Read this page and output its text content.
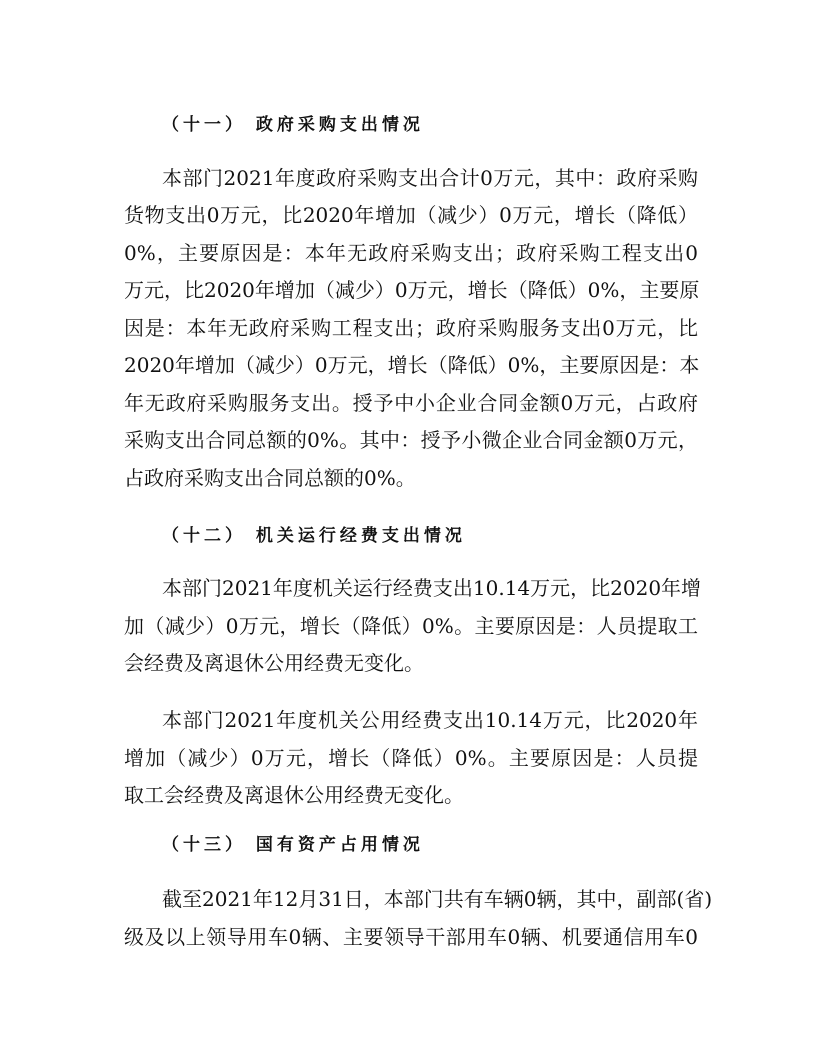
（十一） 政府采购支出情况
本部门2021年度政府采购支出合计0万元，其中：政府采购
货物支出0万元，比2020年增加（减少）0万元，增长（降低）
0%，主要原因是：本年无政府采购支出；政府采购工程支出0
万元，比2020年增加（减少）0万元，增长（降低）0%，主要原
因是：本年无政府采购工程支出；政府采购服务支出0万元，比
2020年增加（减少）0万元，增长（降低）0%，主要原因是：本
年无政府采购服务支出。授予中小企业合同金额0万元，占政府
采购支出合同总额的0%。其中：授予小微企业合同金额0万元，
占政府采购支出合同总额的0%。
（十二） 机关运行经费支出情况
本部门2021年度机关运行经费支出10.14万元，比2020年增
加（减少）0万元，增长（降低）0%。主要原因是：人员提取工
会经费及离退休公用经费无变化。
本部门2021年度机关公用经费支出10.14万元，比2020年
增加（减少）0万元，增长（降低）0%。主要原因是：人员提
取工会经费及离退休公用经费无变化。
（十三） 国有资产占用情况
截至2021年12月31日，本部门共有车辆0辆，其中，副部(省)
级及以上领导用车0辆、主要领导干部用车0辆、机要通信用车0
